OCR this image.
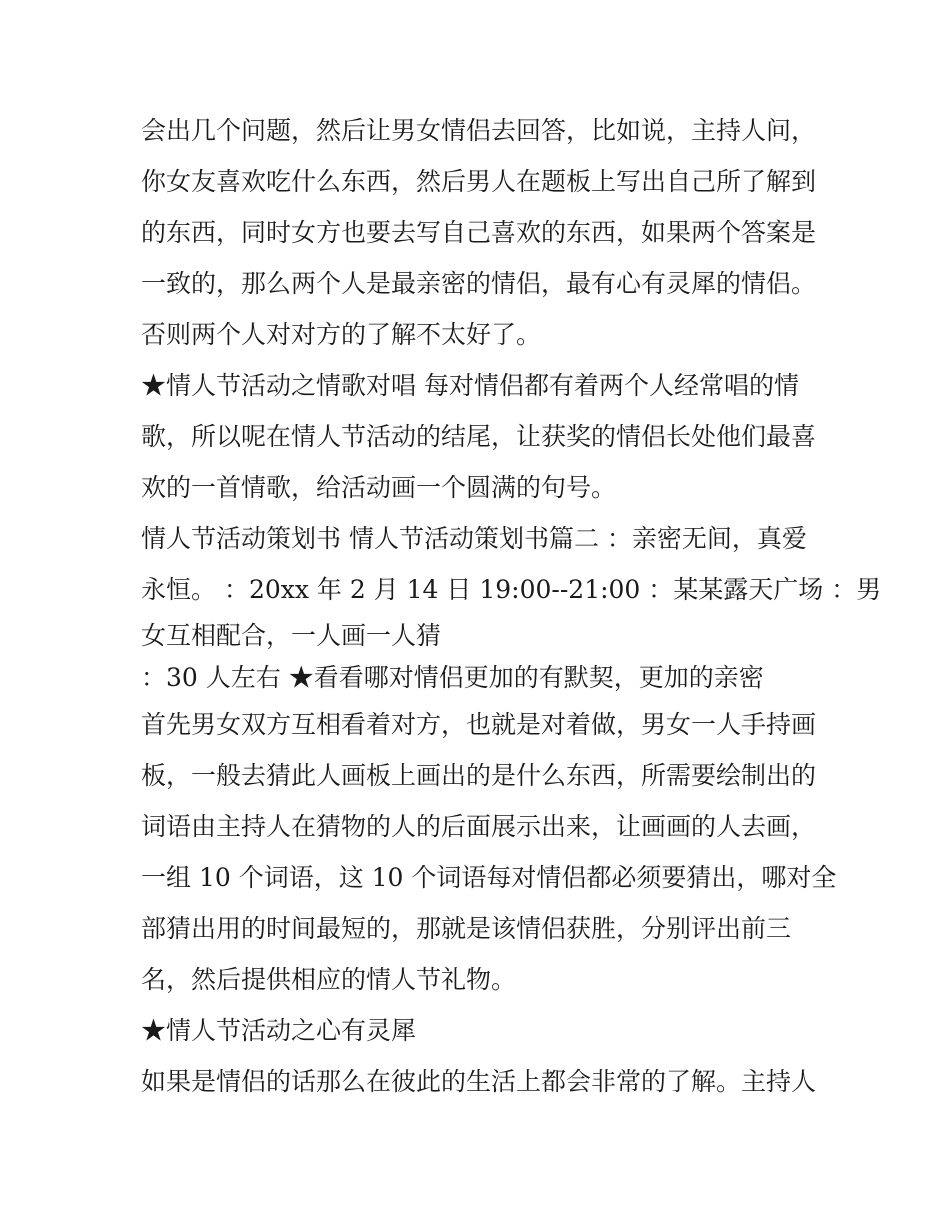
会出几个问题，然后让男女情侣去回答，比如说，主持人问，
你女友喜欢吃什么东西，然后男人在题板上写出自己所了解到
的东西，同时女方也要去写自己喜欢的东西，如果两个答案是
一致的，那么两个人是最亲密的情侣，最有心有灵犀的情侣。
否则两个人对对方的了解不太好了。
★情人节活动之情歌对唱 每对情侣都有着两个人经常唱的情
歌，所以呢在情人节活动的结尾，让获奖的情侣长处他们最喜
欢的一首情歌，给活动画一个圆满的句号。
情人节活动策划书 情人节活动策划书篇二 ：亲密无间，真爱
永恒。 ：20xx 年 2 月 14 日 19:00--21:00 ：某某露天广场 ：男
女互相配合，一人画一人猜
：30 人左右 ★看看哪对情侣更加的有默契，更加的亲密
首先男女双方互相看着对方，也就是对着做，男女一人手持画
板，一般去猜此人画板上画出的是什么东西，所需要绘制出的
词语由主持人在猜物的人的后面展示出来，让画画的人去画，
一组 10 个词语，这 10 个词语每对情侣都必须要猜出，哪对全
部猜出用的时间最短的，那就是该情侣获胜，分别评出前三
名，然后提供相应的情人节礼物。
★情人节活动之心有灵犀
如果是情侣的话那么在彼此的生活上都会非常的了解。主持人
